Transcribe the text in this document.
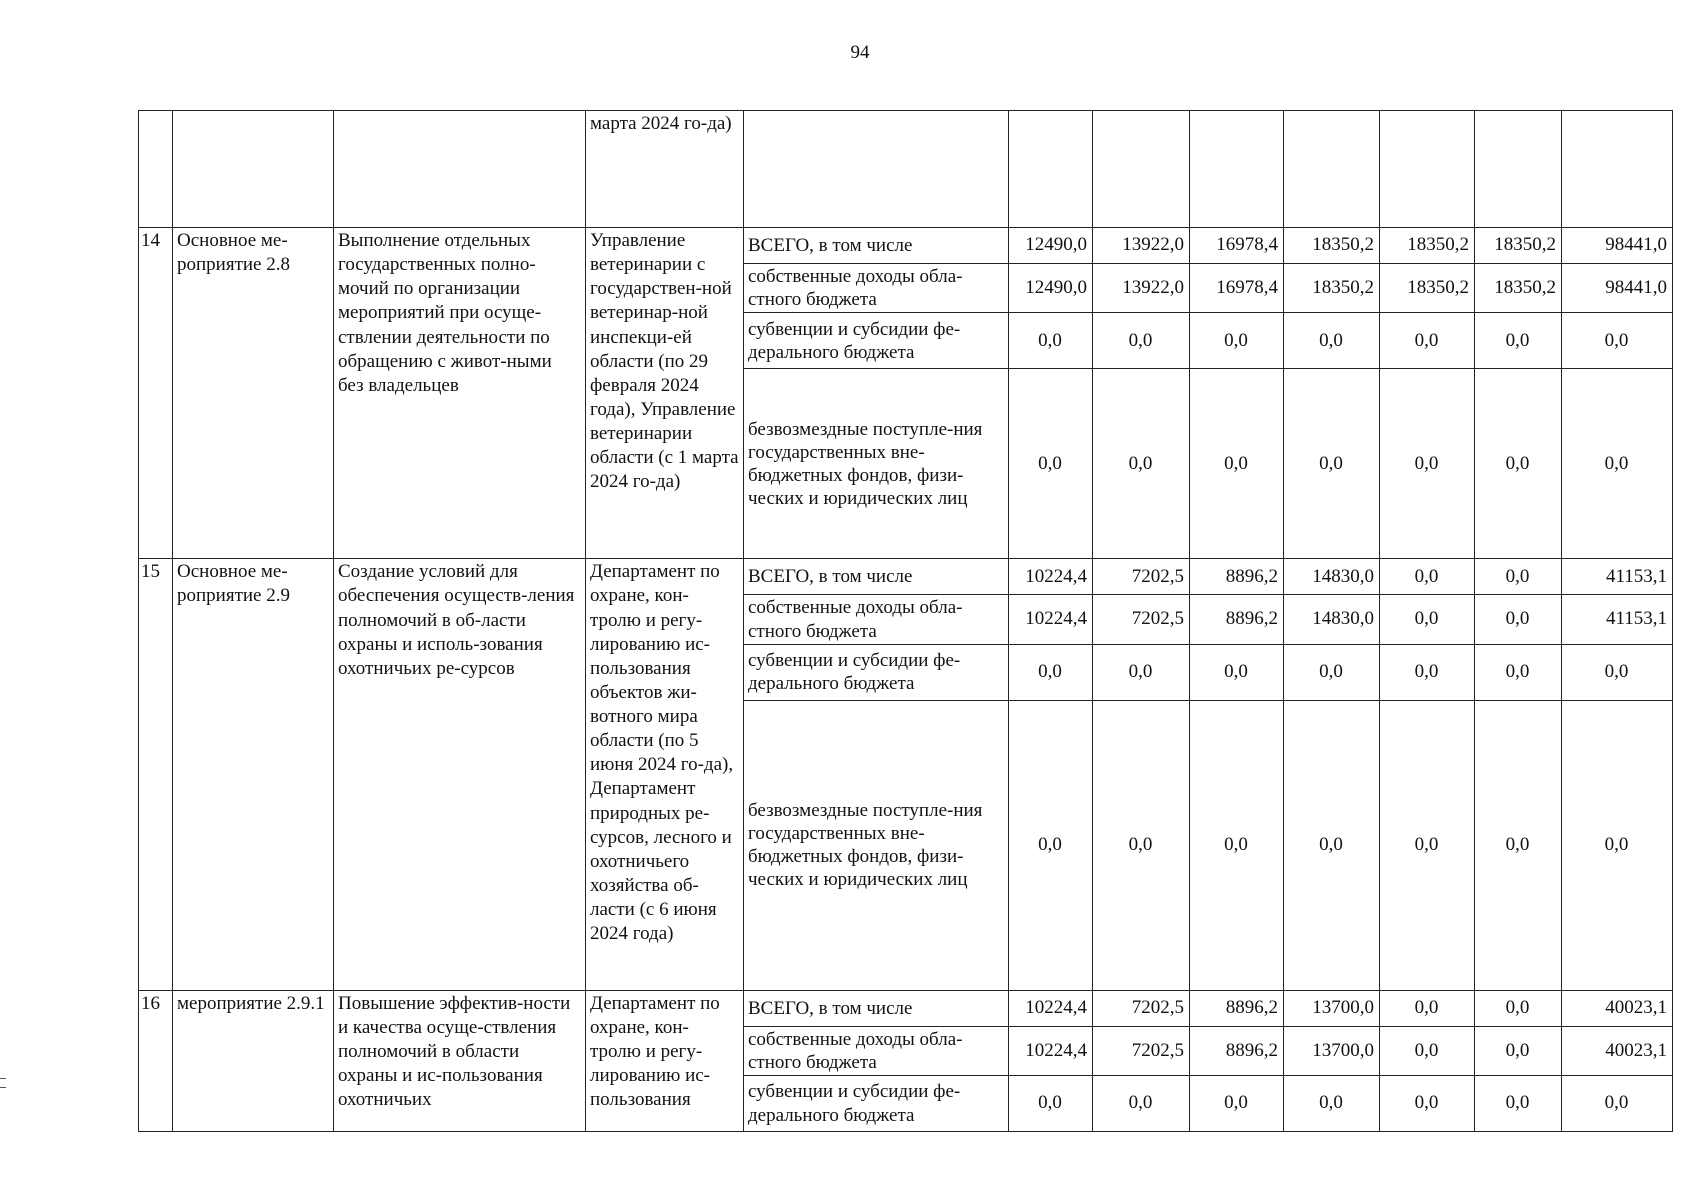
94
			марта 2024 го-да)								
14	Основное ме-роприятие 2.8	Выполнение отдельных государственных полно-мочий по организации мероприятий при осуще-ствлении деятельности по обращению с живот-ными без владельцев	Управление ветеринарии с государствен-ной ветеринар-ной инспекци-ей области (по 29 февраля 2024 года), Управление ветеринарии области (с 1 марта 2024 го-да)	ВСЕГО, в том числе	12490,0	13922,0	16978,4	18350,2	18350,2	18350,2	98441,0
				собственные доходы обла-стного бюджета	12490,0	13922,0	16978,4	18350,2	18350,2	18350,2	98441,0
				субвенции и субсидии фе-дерального бюджета	0,0	0,0	0,0	0,0	0,0	0,0	0,0
				безвозмездные поступле-ния государственных вне-бюджетных фондов, физи-ческих и юридических лиц	0,0	0,0	0,0	0,0	0,0	0,0	0,0
15	Основное ме-роприятие 2.9	Создание условий для обеспечения осуществ-ления полномочий в об-ласти охраны и исполь-зования охотничьих ре-сурсов	Департамент по охране, кон-тролю и регу-лированию ис-пользования объектов жи-вотного мира области (по 5 июня 2024 го-да), Департамент природных ре-сурсов, лесного и охотничьего хозяйства об-ласти (с 6 июня 2024 года)	ВСЕГО, в том числе	10224,4	7202,5	8896,2	14830,0	0,0	0,0	41153,1
				собственные доходы обла-стного бюджета	10224,4	7202,5	8896,2	14830,0	0,0	0,0	41153,1
				субвенции и субсидии фе-дерального бюджета	0,0	0,0	0,0	0,0	0,0	0,0	0,0
				безвозмездные поступле-ния государственных вне-бюджетных фондов, физи-ческих и юридических лиц	0,0	0,0	0,0	0,0	0,0	0,0	0,0
16	мероприятие 2.9.1	Повышение эффектив-ности и качества осуще-ствления полномочий в области охраны и ис-пользования охотничьих	Департамент по охране, кон-тролю и регу-лированию ис-пользования	ВСЕГО, в том числе	10224,4	7202,5	8896,2	13700,0	0,0	0,0	40023,1
				собственные доходы обла-стного бюджета	10224,4	7202,5	8896,2	13700,0	0,0	0,0	40023,1
				субвенции и субсидии фе-дерального бюджета	0,0	0,0	0,0	0,0	0,0	0,0	0,0
